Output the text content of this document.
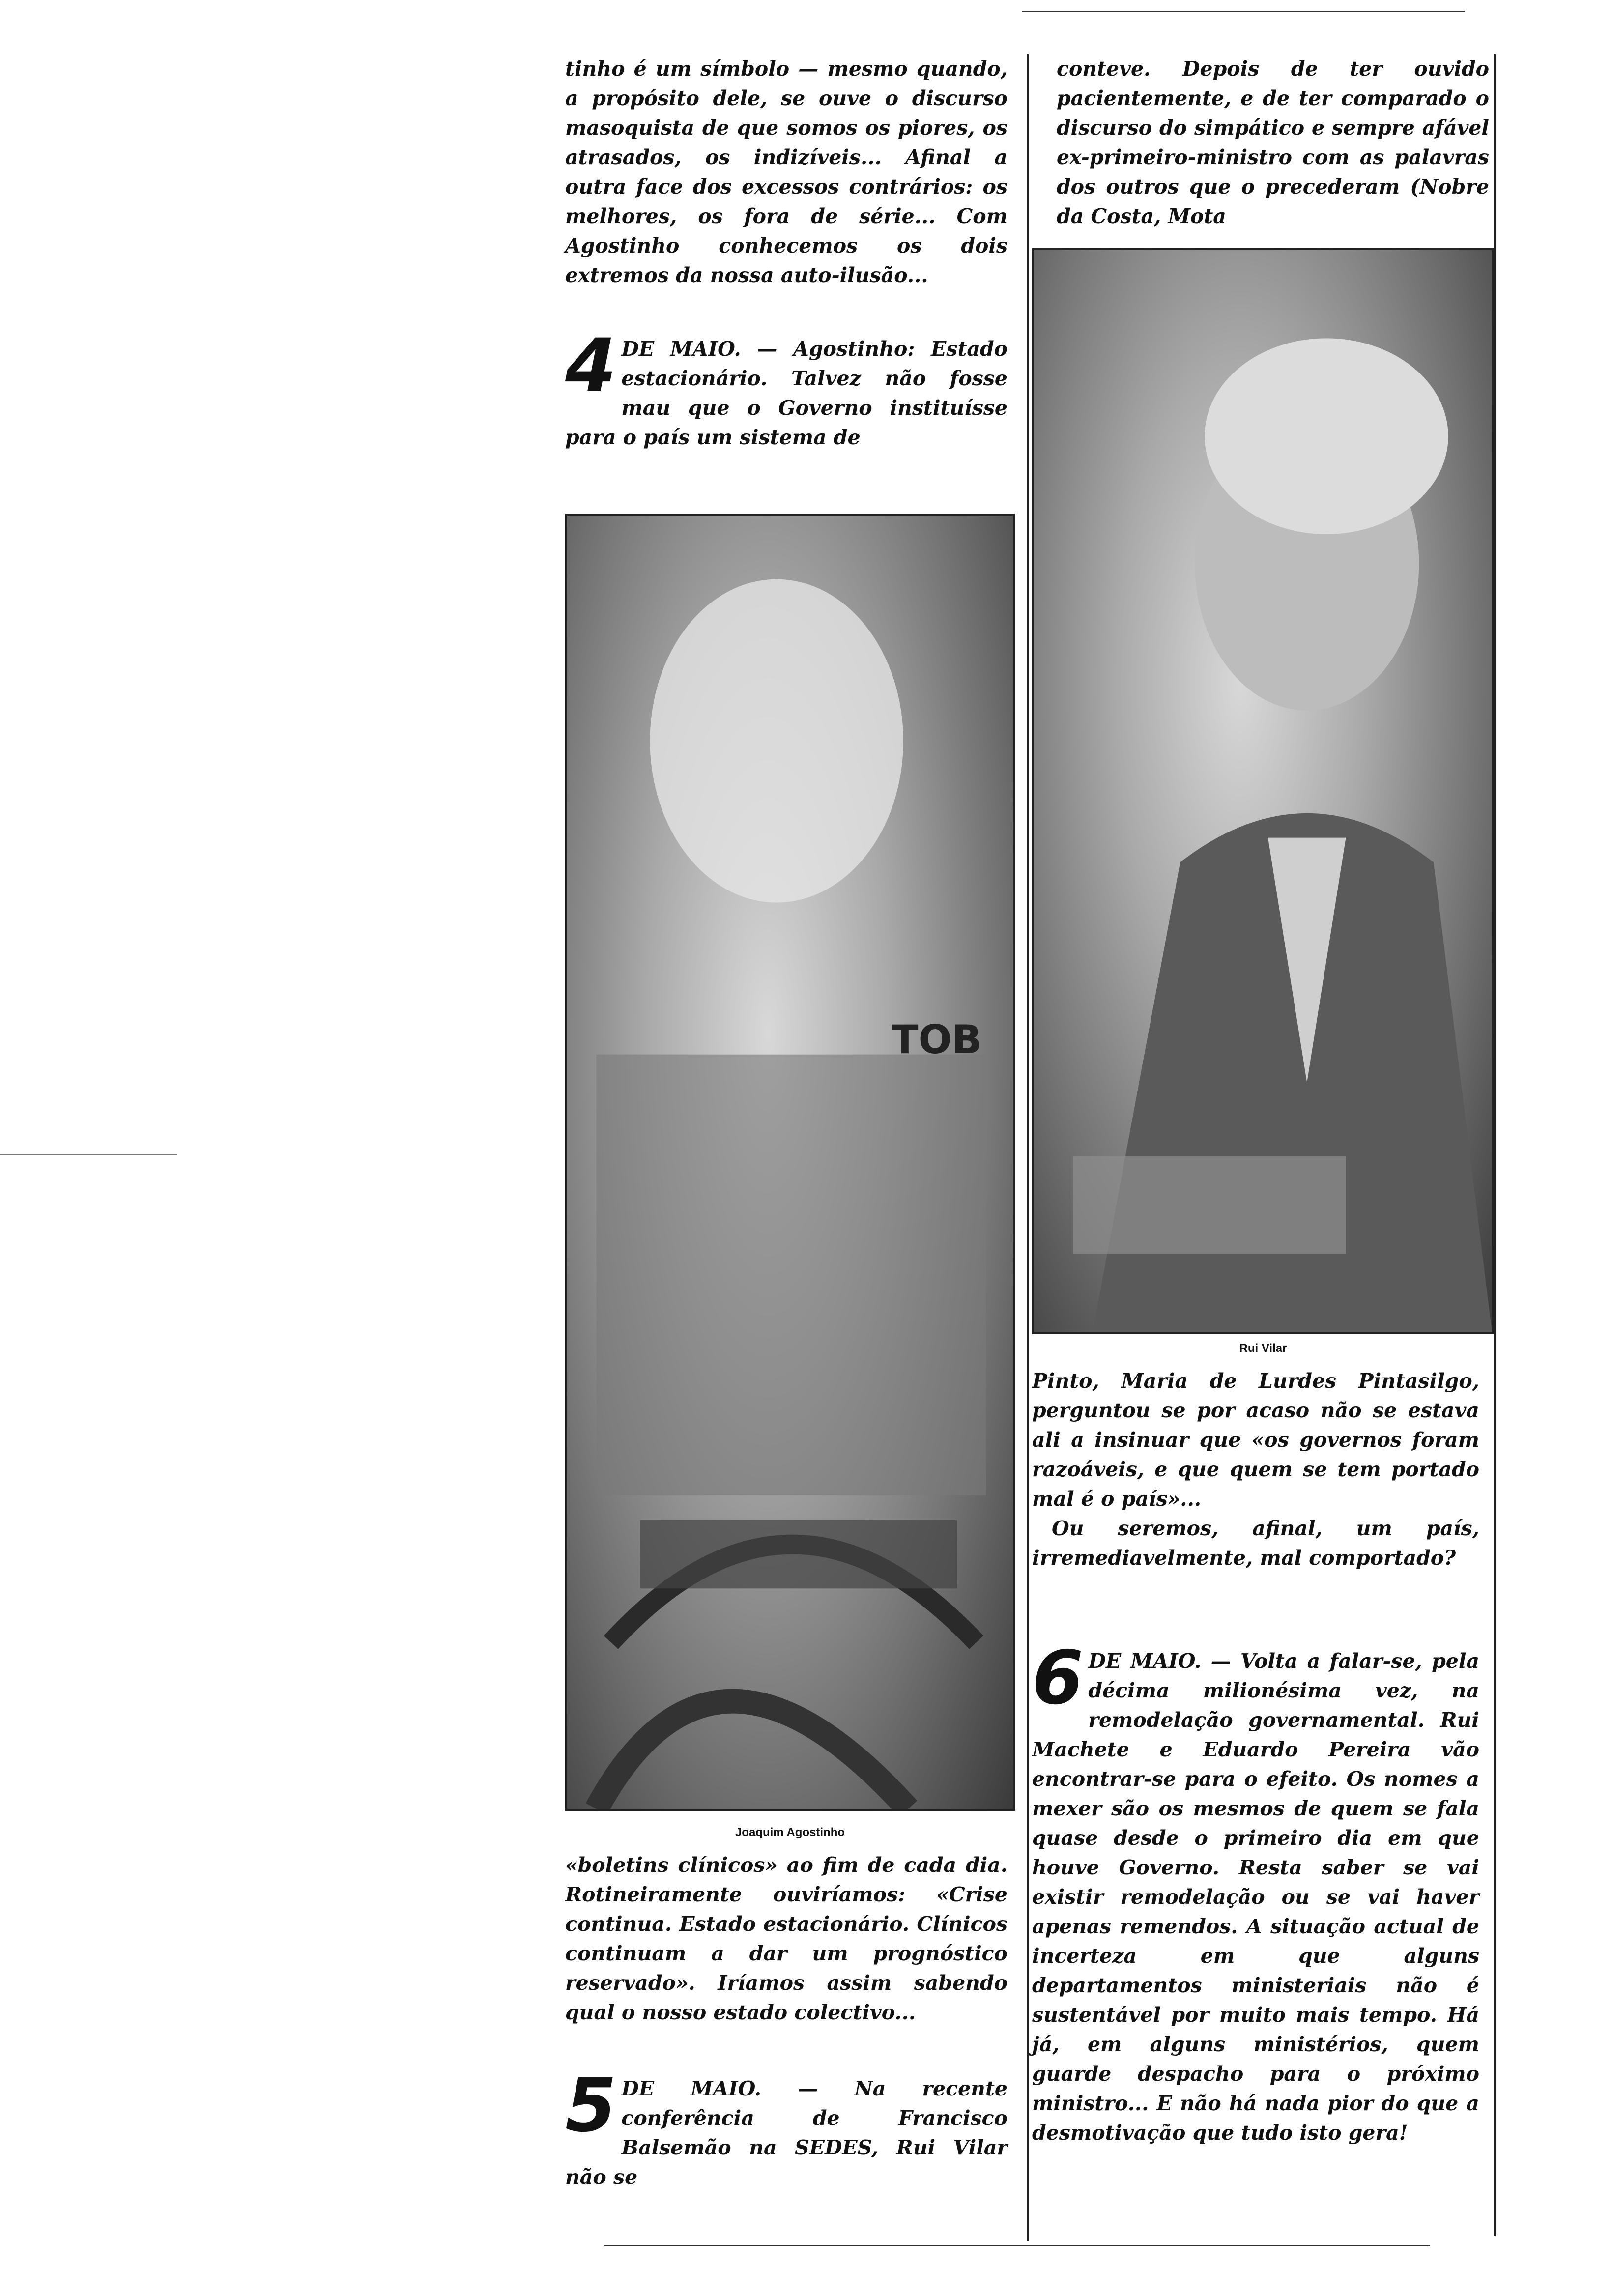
tinho é um símbolo — mesmo quando, a propósito dele, se ouve o discurso masoquista de que somos os piores, os atrasados, os indizíveis... Afinal a outra face dos excessos contrários: os melhores, os fora de série... Com Agostinho conhecemos os dois extremos da nossa auto-ilusão...

4 DE MAIO. — Agostinho: Estado estacionário. Talvez não fosse mau que o Governo instituísse para o país um sistema de

TOB
Joaquim Agostinho

«boletins clínicos» ao fim de cada dia. Rotineiramente ouviríamos: «Crise continua. Estado estacionário. Clínicos continuam a dar um prognóstico reservado». Iríamos assim sabendo qual o nosso estado colectivo...

5 DE MAIO. — Na recente conferência de Francisco Balsemão na SEDES, Rui Vilar não se

conteve. Depois de ter ouvido pacientemente, e de ter comparado o discurso do simpático e sempre afável ex-primeiro-ministro com as palavras dos outros que o precederam (Nobre da Costa, Mota

Rui Vilar

Pinto, Maria de Lurdes Pintasilgo, perguntou se por acaso não se estava ali a insinuar que «os governos foram razoáveis, e que quem se tem portado mal é o país»...

Ou seremos, afinal, um país, irremediavelmente, mal comportado?

6 DE MAIO. — Volta a falar-se, pela décima milionésima vez, na remodelação governamental. Rui Machete e Eduardo Pereira vão encontrar-se para o efeito. Os nomes a mexer são os mesmos de quem se fala quase desde o primeiro dia em que houve Governo. Resta saber se vai existir remodelação ou se vai haver apenas remendos. A situação actual de incerteza em que alguns departamentos ministeriais não é sustentável por muito mais tempo. Há já, em alguns ministérios, quem guarde despacho para o próximo ministro... E não há nada pior do que a desmotivação que tudo isto gera!
